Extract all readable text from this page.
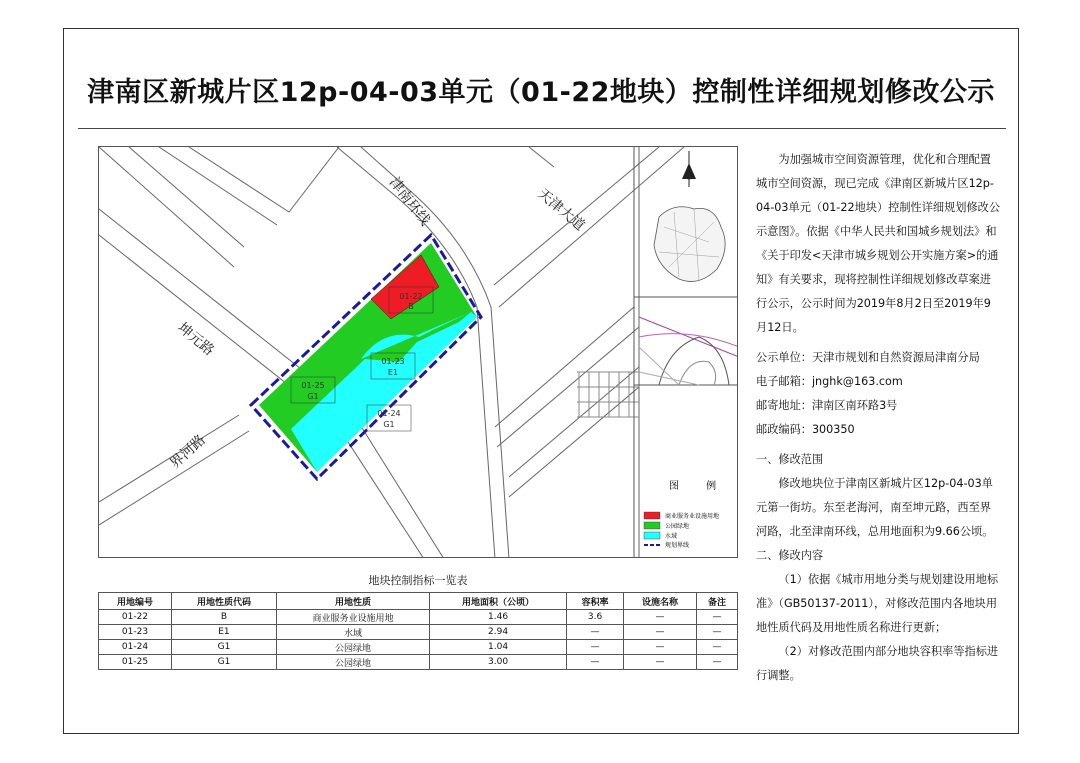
津南区新城片区12p-04-03单元（01-22地块）控制性详细规划修改公示
01-22
B
01-23
E1
01-25
G1
01-24
G1
津南环线	天津大道
坤元路
界河路
图 例
商业服务业设施用地
公园绿地
水域
规划界线
地块控制指标一览表
用地编号	用地性质代码	用地性质	用地面积（公顷）	容积率	设施名称	备注
01-22	B	商业服务业设施用地	1.46	3.6	—	—
01-23	E1	水域	2.94	—	—	—
01-24	G1	公园绿地	1.04	—	—	—
01-25	G1	公园绿地	3.00	—	—	—

为加强城市空间资源管理，优化和合理配置城市空间资源，现已完成《津南区新城片区12p-04-03单元（01-22地块）控制性详细规划修改公示意图》。依据《中华人民共和国城乡规划法》和《关于印发<天津市城乡规划公开实施方案>的通知》有关要求，现将控制性详细规划修改草案进行公示，公示时间为2019年8月2日至2019年9月12日。

公示单位：天津市规划和自然资源局津南分局

电子邮箱：jnghk@163.com

邮寄地址：津南区南环路3号

邮政编码：300350

一、修改范围

修改地块位于津南区新城片区12p-04-03单元第一街坊。东至老海河，南至坤元路，西至界河路，北至津南环线，总用地面积为9.66公顷。

二、修改内容

（1）依据《城市用地分类与规划建设用地标准》（GB50137-2011），对修改范围内各地块用地性质代码及用地性质名称进行更新；

（2）对修改范围内部分地块容积率等指标进行调整。
